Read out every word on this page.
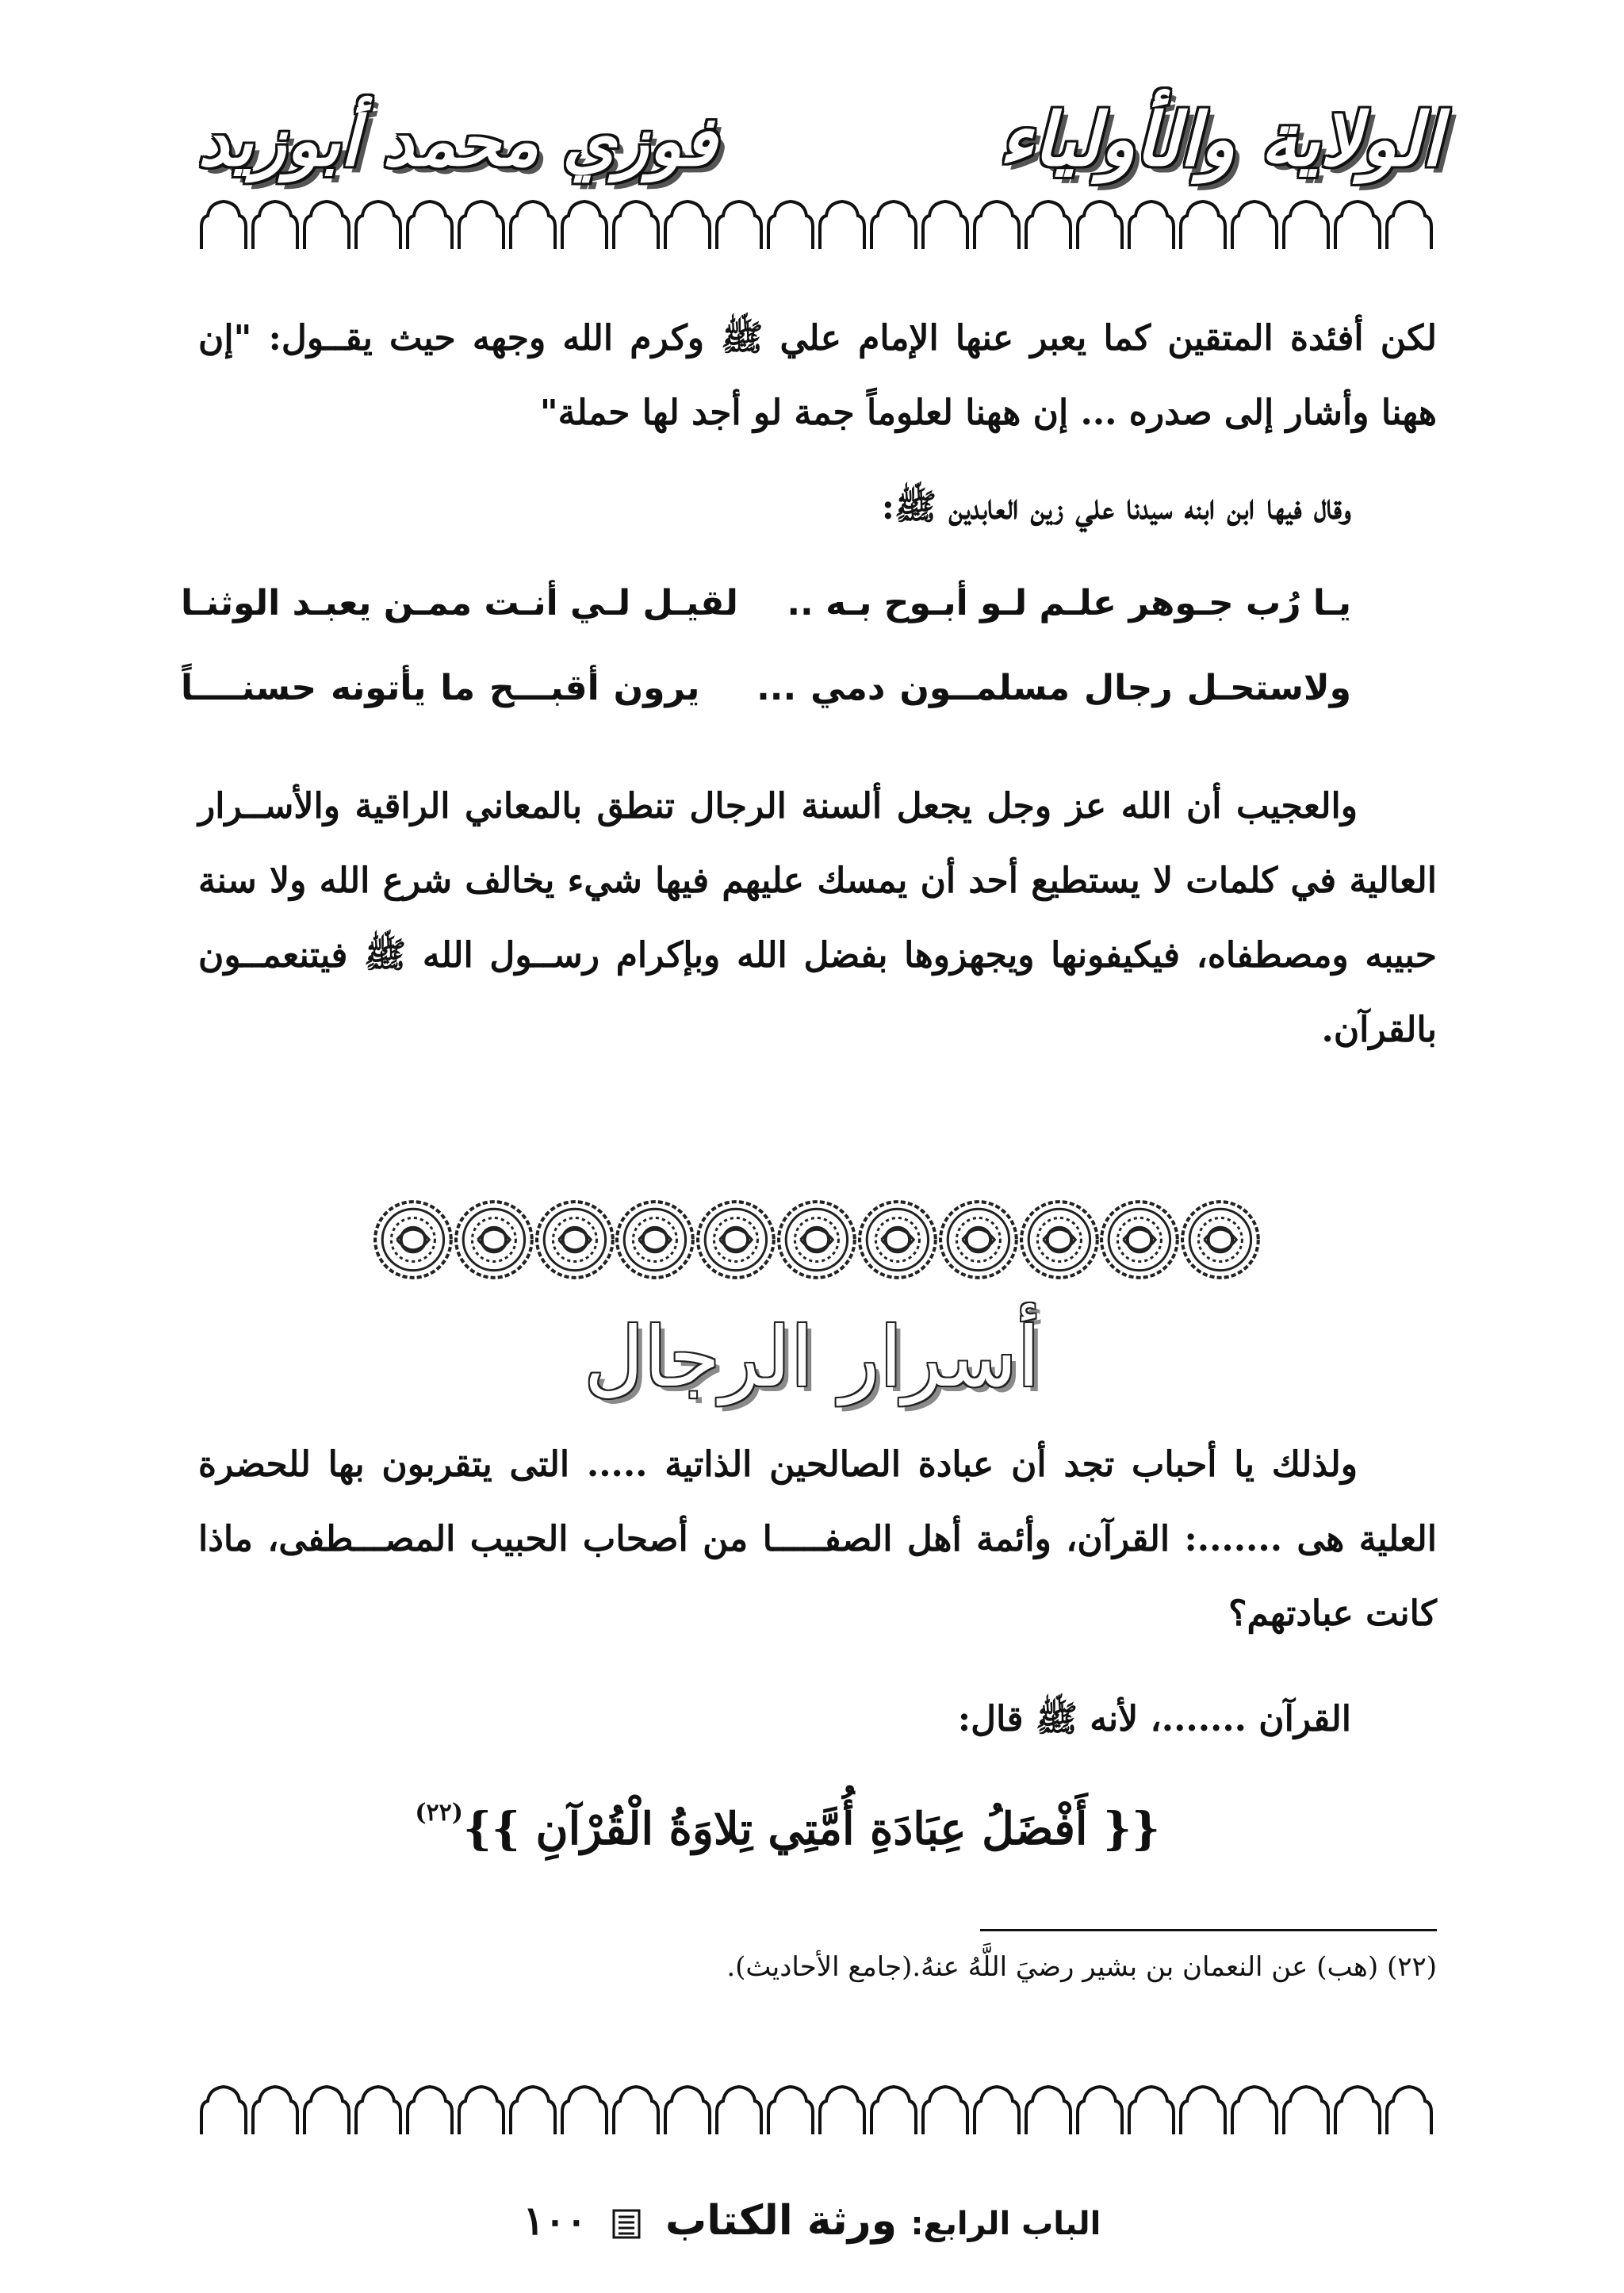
الولاية والأولياء
فوزي محمد أبوزيد
لكن أفئدة المتقين كما يعبر عنها الإمام علي ﷺ وكرم الله وجهه حيث يقــول: "إن ههنا وأشار إلى صدره ... إن ههنا لعلوماً جمة لو أجد لها حملة"
وقال فيها ابن ابنه سيدنا علي زين العابدين ﷺ:
يـا رُب جـوهر علـم لـو أبـوح بـه ..    لقيـل لـي أنـت ممـن يعبـد الوثنـا
ولاستحـل رجال مسلمــون دمي ...    يرون أقبـــح ما يأتونه حسنــــاً
والعجيب أن الله عز وجل يجعل ألسنة الرجال تنطق بالمعاني الراقية والأســرار العالية في كلمات لا يستطيع أحد أن يمسك عليهم فيها شيء يخالف شرع الله ولا سنة حبيبه ومصطفاه، فيكيفونها ويجهزوها بفضل الله وبإكرام رســول الله ﷺ فيتنعمــون بالقرآن.
أسرار الرجال
ولذلك يا أحباب تجد أن عبادة الصالحين الذاتية ..... التى يتقربون بها للحضرة العلية هى .......: القرآن، وأئمة أهل الصفـــــا من أصحاب الحبيب المصـــطفى، ماذا كانت عبادتهم؟
القرآن .......، لأنه ﷺ قال:
{{ أَفْضَلُ عِبَادَةِ أُمَّتِي تِلاوَةُ الْقُرْآنِ }}$^{(٢٢)}$
(٢٢) (هب) عن النعمان بن بشير رضيَ اللَّهُ عنهُ.(جامع الأحاديث).
الباب الرابع: ورثة الكتاب  ١٠٠
